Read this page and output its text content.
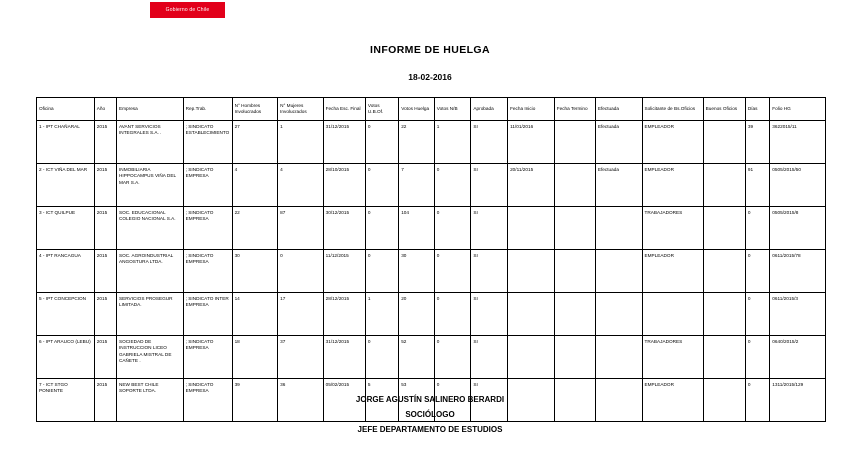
Gobierno de Chile
INFORME DE HUELGA
18-02-2016
Oficina	Año	Empresa	Rep.Trab.	N° Hombres Involucrados	N° Mujeres Involucrados	Fecha Esc. Final	Votos U.B.Of.	Votos Huelga	Votos N/B	Aprobada	Fecha Inicio	Fecha Termino	Efectuada	Solicitante de Bs.Oficios	Buenos Oficios	Días	Folio HG
1 - IPT CHAÑARAL	2015	AVANT SERVICIOS INTEGRALES S.A. .	; SINDICATO ESTABLECIMIENTO	27	1	31/12/2015	0	22	1	SI	11/01/2016		Efectuada	EMPLEADOR		39	3622015/11
2 - ICT VIÑA DEL MAR	2015	INMOBILIARIA HIPPOCAMPUS VIÑA DEL MAR S.A.	; SINDICATO EMPRESA	4	4	28/10/2015	0	7	0	SI	20/11/2015		Efectuada	EMPLEADOR		91	0505/2015/50
3 - ICT QUILPUE	2015	SOC. EDUCACIONAL COLEGIO NACIONAL S.A.	; SINDICATO EMPRESA	22	87	30/12/2015	0	104	0	SI				TRABAJADORES		0	0505/2015/8
4 - IPT RANCAGUA	2015	SOC. AGROINDUSTRIAL ANGOSTURA LTDA.	; SINDICATO EMPRESA	30	0	11/12/2015	0	30	0	SI				EMPLEADOR		0	0611/2015/78
5 - IPT CONCEPCION	2015	SERVICIOS PROSEGUR LIMITADA.	; SINDICATO INTER EMPRESA	14	17	28/12/2015	1	20	0	SI						0	0611/2015/3
6 - IPT ARAUCO (LEBU)	2015	SOCIEDAD DE INSTRUCCION LICEO GABRIELA MISTRAL DE CAÑETE .	; SINDICATO EMPRESA	18	37	31/12/2015	0	52	0	SI				TRABAJADORES		0	0640/2015/2
7 - ICT STGO PONIENTE	2015	NEW BEST CHILE SOPORTE LTDA.	; SINDICATO EMPRESA	39	36	05/02/2015	5	53	0	SI				EMPLEADOR		0	1311/2015/129
JORGE AGUSTÍN SALINERO BERARDI
SOCIÓLOGO
JEFE DEPARTAMENTO DE ESTUDIOS
